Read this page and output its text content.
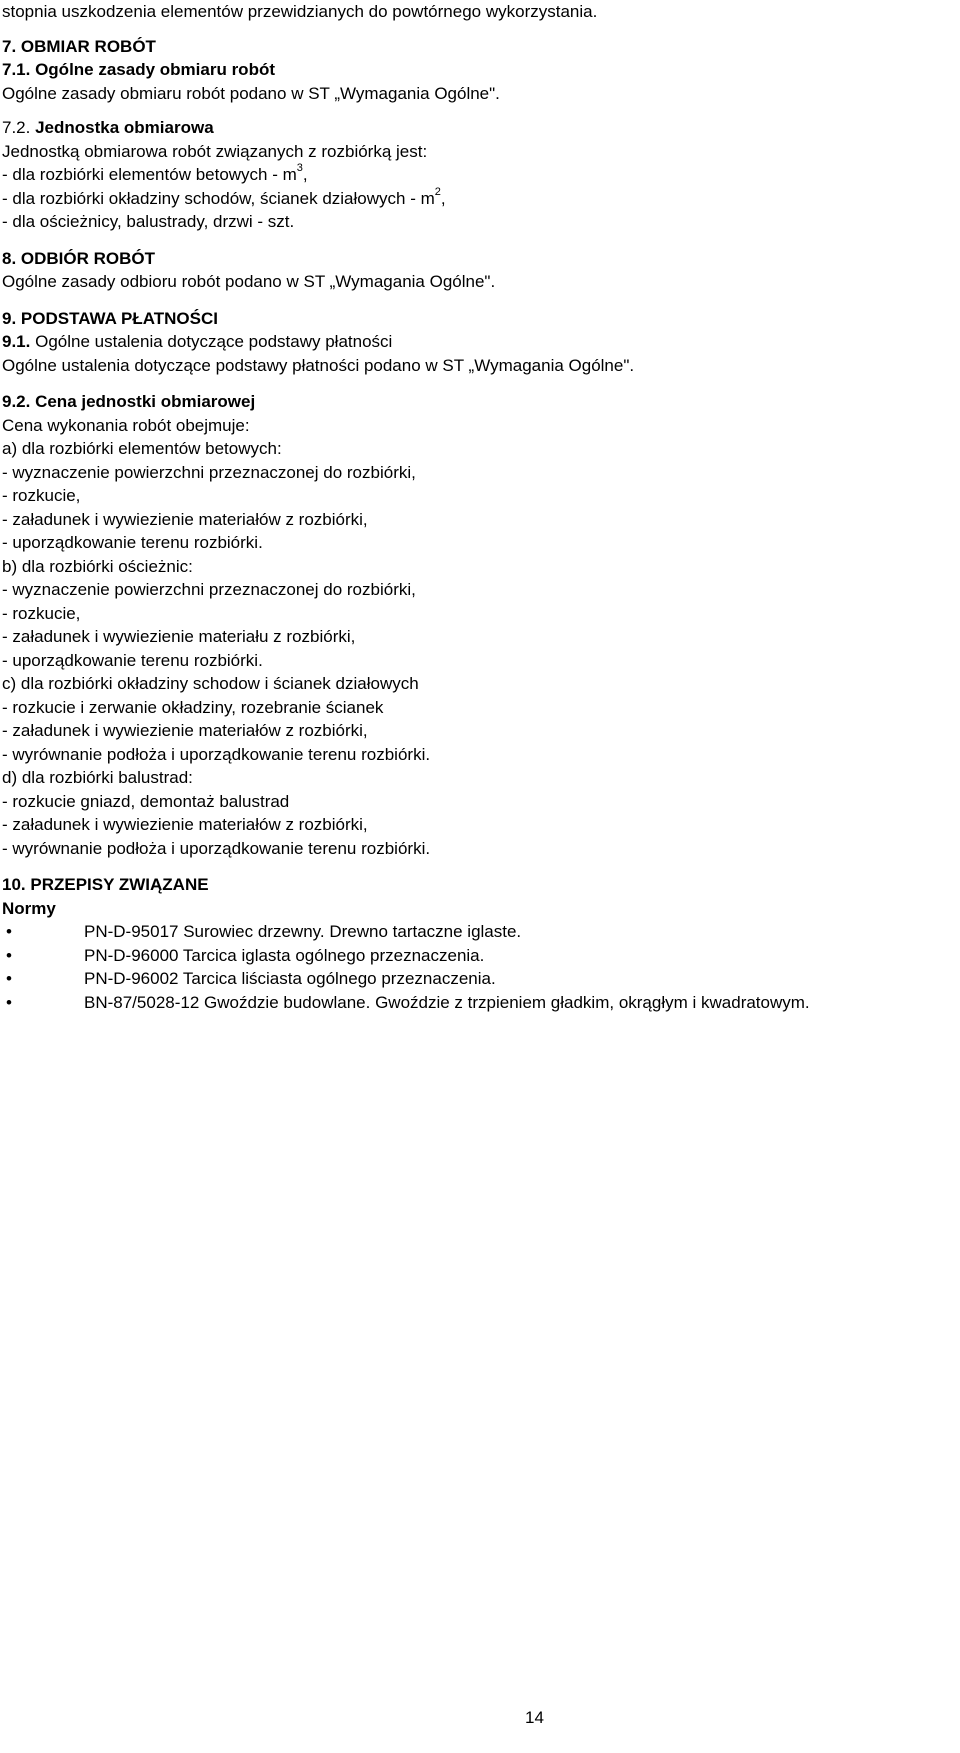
stopnia uszkodzenia elementów przewidzianych do powtórnego wykorzystania.
7. OBMIAR ROBÓT
7.1. Ogólne zasady obmiaru robót
Ogólne zasady obmiaru robót podano w ST „Wymagania Ogólne".
7.2. Jednostka obmiarowa
Jednostką obmiarowa robót związanych z rozbiórką jest:
- dla rozbiórki elementów betowych - $m^3$,
- dla rozbiórki okładziny schodów, ścianek działowych - $m^2$,
- dla ościeżnicy, balustrady, drzwi - szt.
8. ODBIÓR ROBÓT
Ogólne zasady odbioru robót podano w ST „Wymagania Ogólne".
9. PODSTAWA PŁATNOŚCI
9.1. Ogólne ustalenia dotyczące podstawy płatności
Ogólne ustalenia dotyczące podstawy płatności podano w ST „Wymagania Ogólne".
9.2. Cena jednostki obmiarowej
Cena wykonania robót obejmuje:
a) dla rozbiórki elementów betowych:
- wyznaczenie powierzchni przeznaczonej do rozbiórki,
- rozkucie,
- załadunek i wywiezienie materiałów z rozbiórki,
- uporządkowanie terenu rozbiórki.
b) dla rozbiórki ościeżnic:
- wyznaczenie powierzchni przeznaczonej do rozbiórki,
- rozkucie,
- załadunek i wywiezienie materiału z rozbiórki,
- uporządkowanie terenu rozbiórki.
c) dla rozbiórki okładziny schodow i ścianek działowych
- rozkucie i zerwanie okładziny, rozebranie ścianek
- załadunek i wywiezienie materiałów z rozbiórki,
- wyrównanie podłoża i uporządkowanie terenu rozbiórki.
d) dla rozbiórki balustrad:
- rozkucie gniazd, demontaż balustrad
- załadunek i wywiezienie materiałów z rozbiórki,
- wyrównanie podłoża i uporządkowanie terenu rozbiórki.
10. PRZEPISY ZWIĄZANE
Normy
•	PN-D-95017 Surowiec drzewny. Drewno tartaczne iglaste.
•	PN-D-96000 Tarcica iglasta ogólnego przeznaczenia.
•	PN-D-96002 Tarcica liściasta ogólnego przeznaczenia.
•	BN-87/5028-12 Gwoździe budowlane. Gwoździe z trzpieniem gładkim, okrągłym i kwadratowym.
14
